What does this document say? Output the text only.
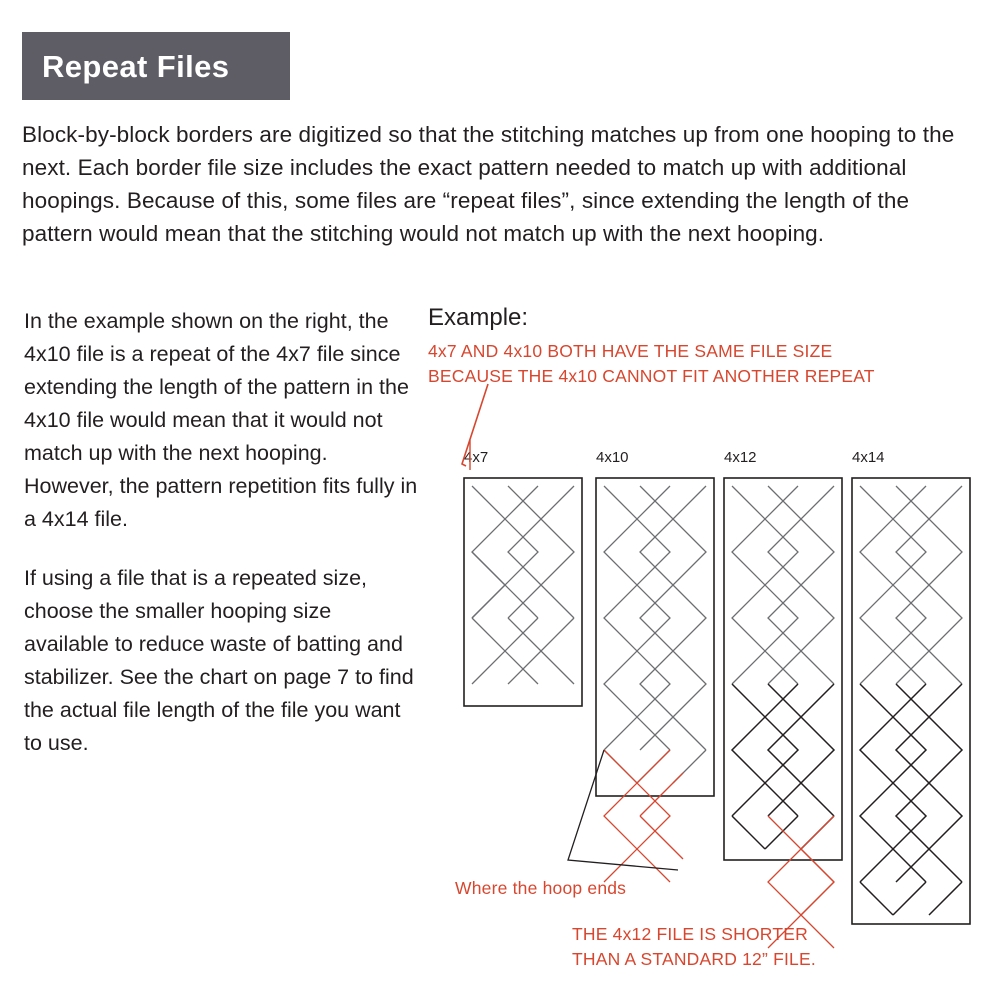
Repeat Files
Block-by-block borders are digitized so that the stitching matches up from one hooping to the next. Each border file size includes the exact pattern needed to match up with additional hoopings. Because of this, some files are “repeat files”, since extending the length of the pattern would mean that the stitching would not match up with the next hooping.

In the example shown on the right, the 4x10 file is a repeat of the 4x7 file since extending the length of the pattern in the 4x10 file would mean that it would not match up with the next hooping. However, the pattern repetition fits fully in a 4x14 file.

If using a file that is a repeated size, choose the smaller hooping size available to reduce waste of batting and stabilizer. See the chart on page 7 to find the actual file length of the file you want to use.

Example:

4x7 AND 4x10 BOTH HAVE THE SAME FILE SIZE
BECAUSE THE 4x10 CANNOT FIT ANOTHER REPEAT
4x7	4x10	4x12	4x14
Where the hoop ends
THE 4x12 FILE IS SHORTER
THAN A STANDARD 12” FILE.
